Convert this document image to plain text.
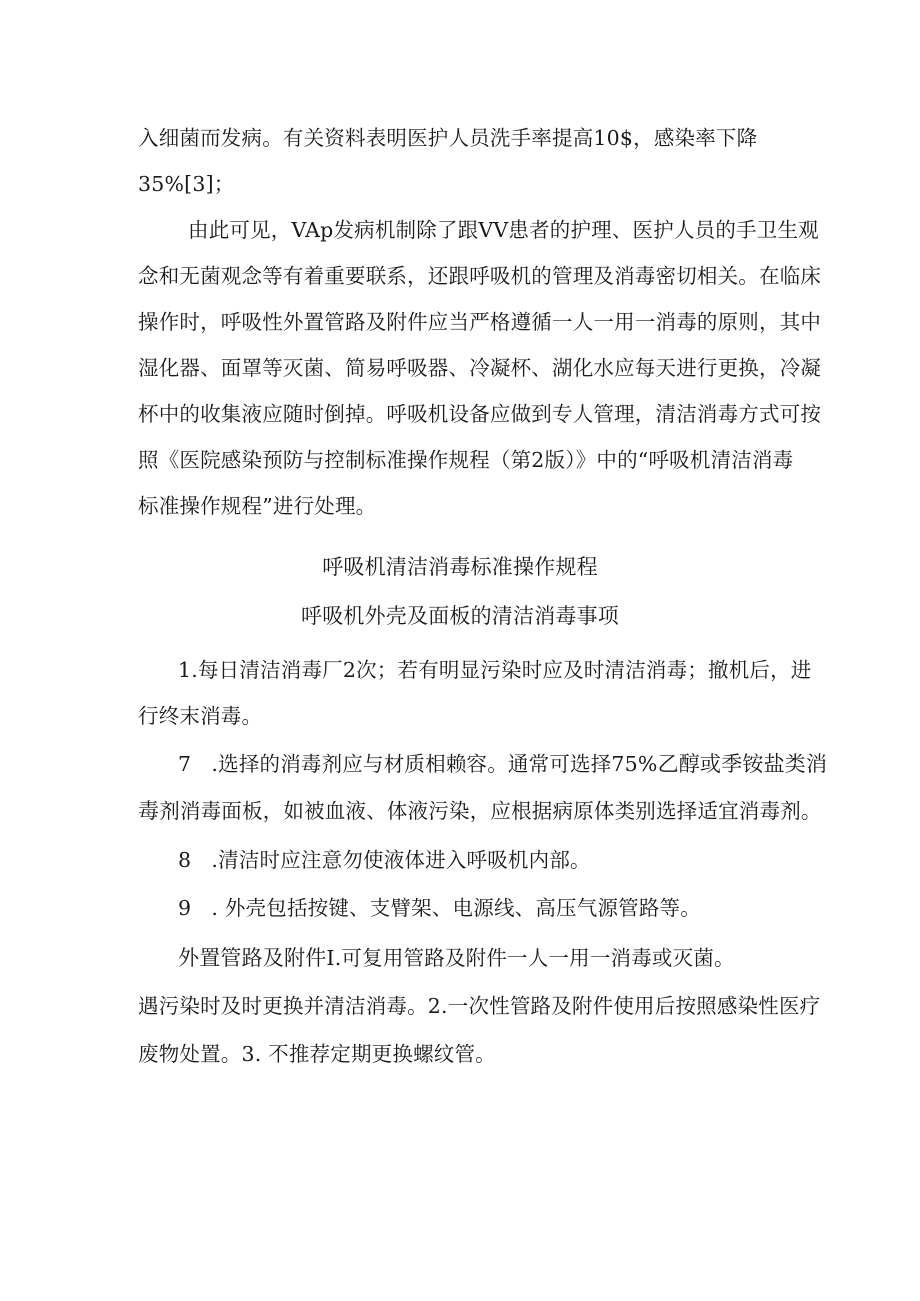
入细菌而发病。有关资料表明医护人员洗手率提高10$，感染率下降
35%[3]；
由此可见，VAp发病机制除了跟VV患者的护理、医护人员的手卫生观
念和无菌观念等有着重要联系，还跟呼吸机的管理及消毒密切相关。在临床
操作时，呼吸性外置管路及附件应当严格遵循一人一用一消毒的原则，其中
湿化器、面罩等灭菌、简易呼吸器、冷凝杯、湖化水应每天进行更换，冷凝
杯中的收集液应随时倒掉。呼吸机设备应做到专人管理，清洁消毒方式可按
照《医院感染预防与控制标准操作规程（第2版）》中的“呼吸机清洁消毒
标准操作规程”进行处理。
呼吸机清洁消毒标准操作规程
呼吸机外壳及面板的清洁消毒事项
1.每日清洁消毒厂2次；若有明显污染时应及时清洁消毒；撤机后，进
行终末消毒。
7 .选择的消毒剂应与材质相赖容。通常可选择75%乙醇或季铵盐类消
毒剂消毒面板，如被血液、体液污染，应根据病原体类别选择适宜消毒剂。
8 .清洁时应注意勿使液体进入呼吸机内部。
9 . 外壳包括按键、支臂架、电源线、高压气源管路等。
外置管路及附件I.可复用管路及附件一人一用一消毒或灭菌。
遇污染时及时更换并清洁消毒。2.一次性管路及附件使用后按照感染性医疗
废物处置。3. 不推荐定期更换螺纹管。
